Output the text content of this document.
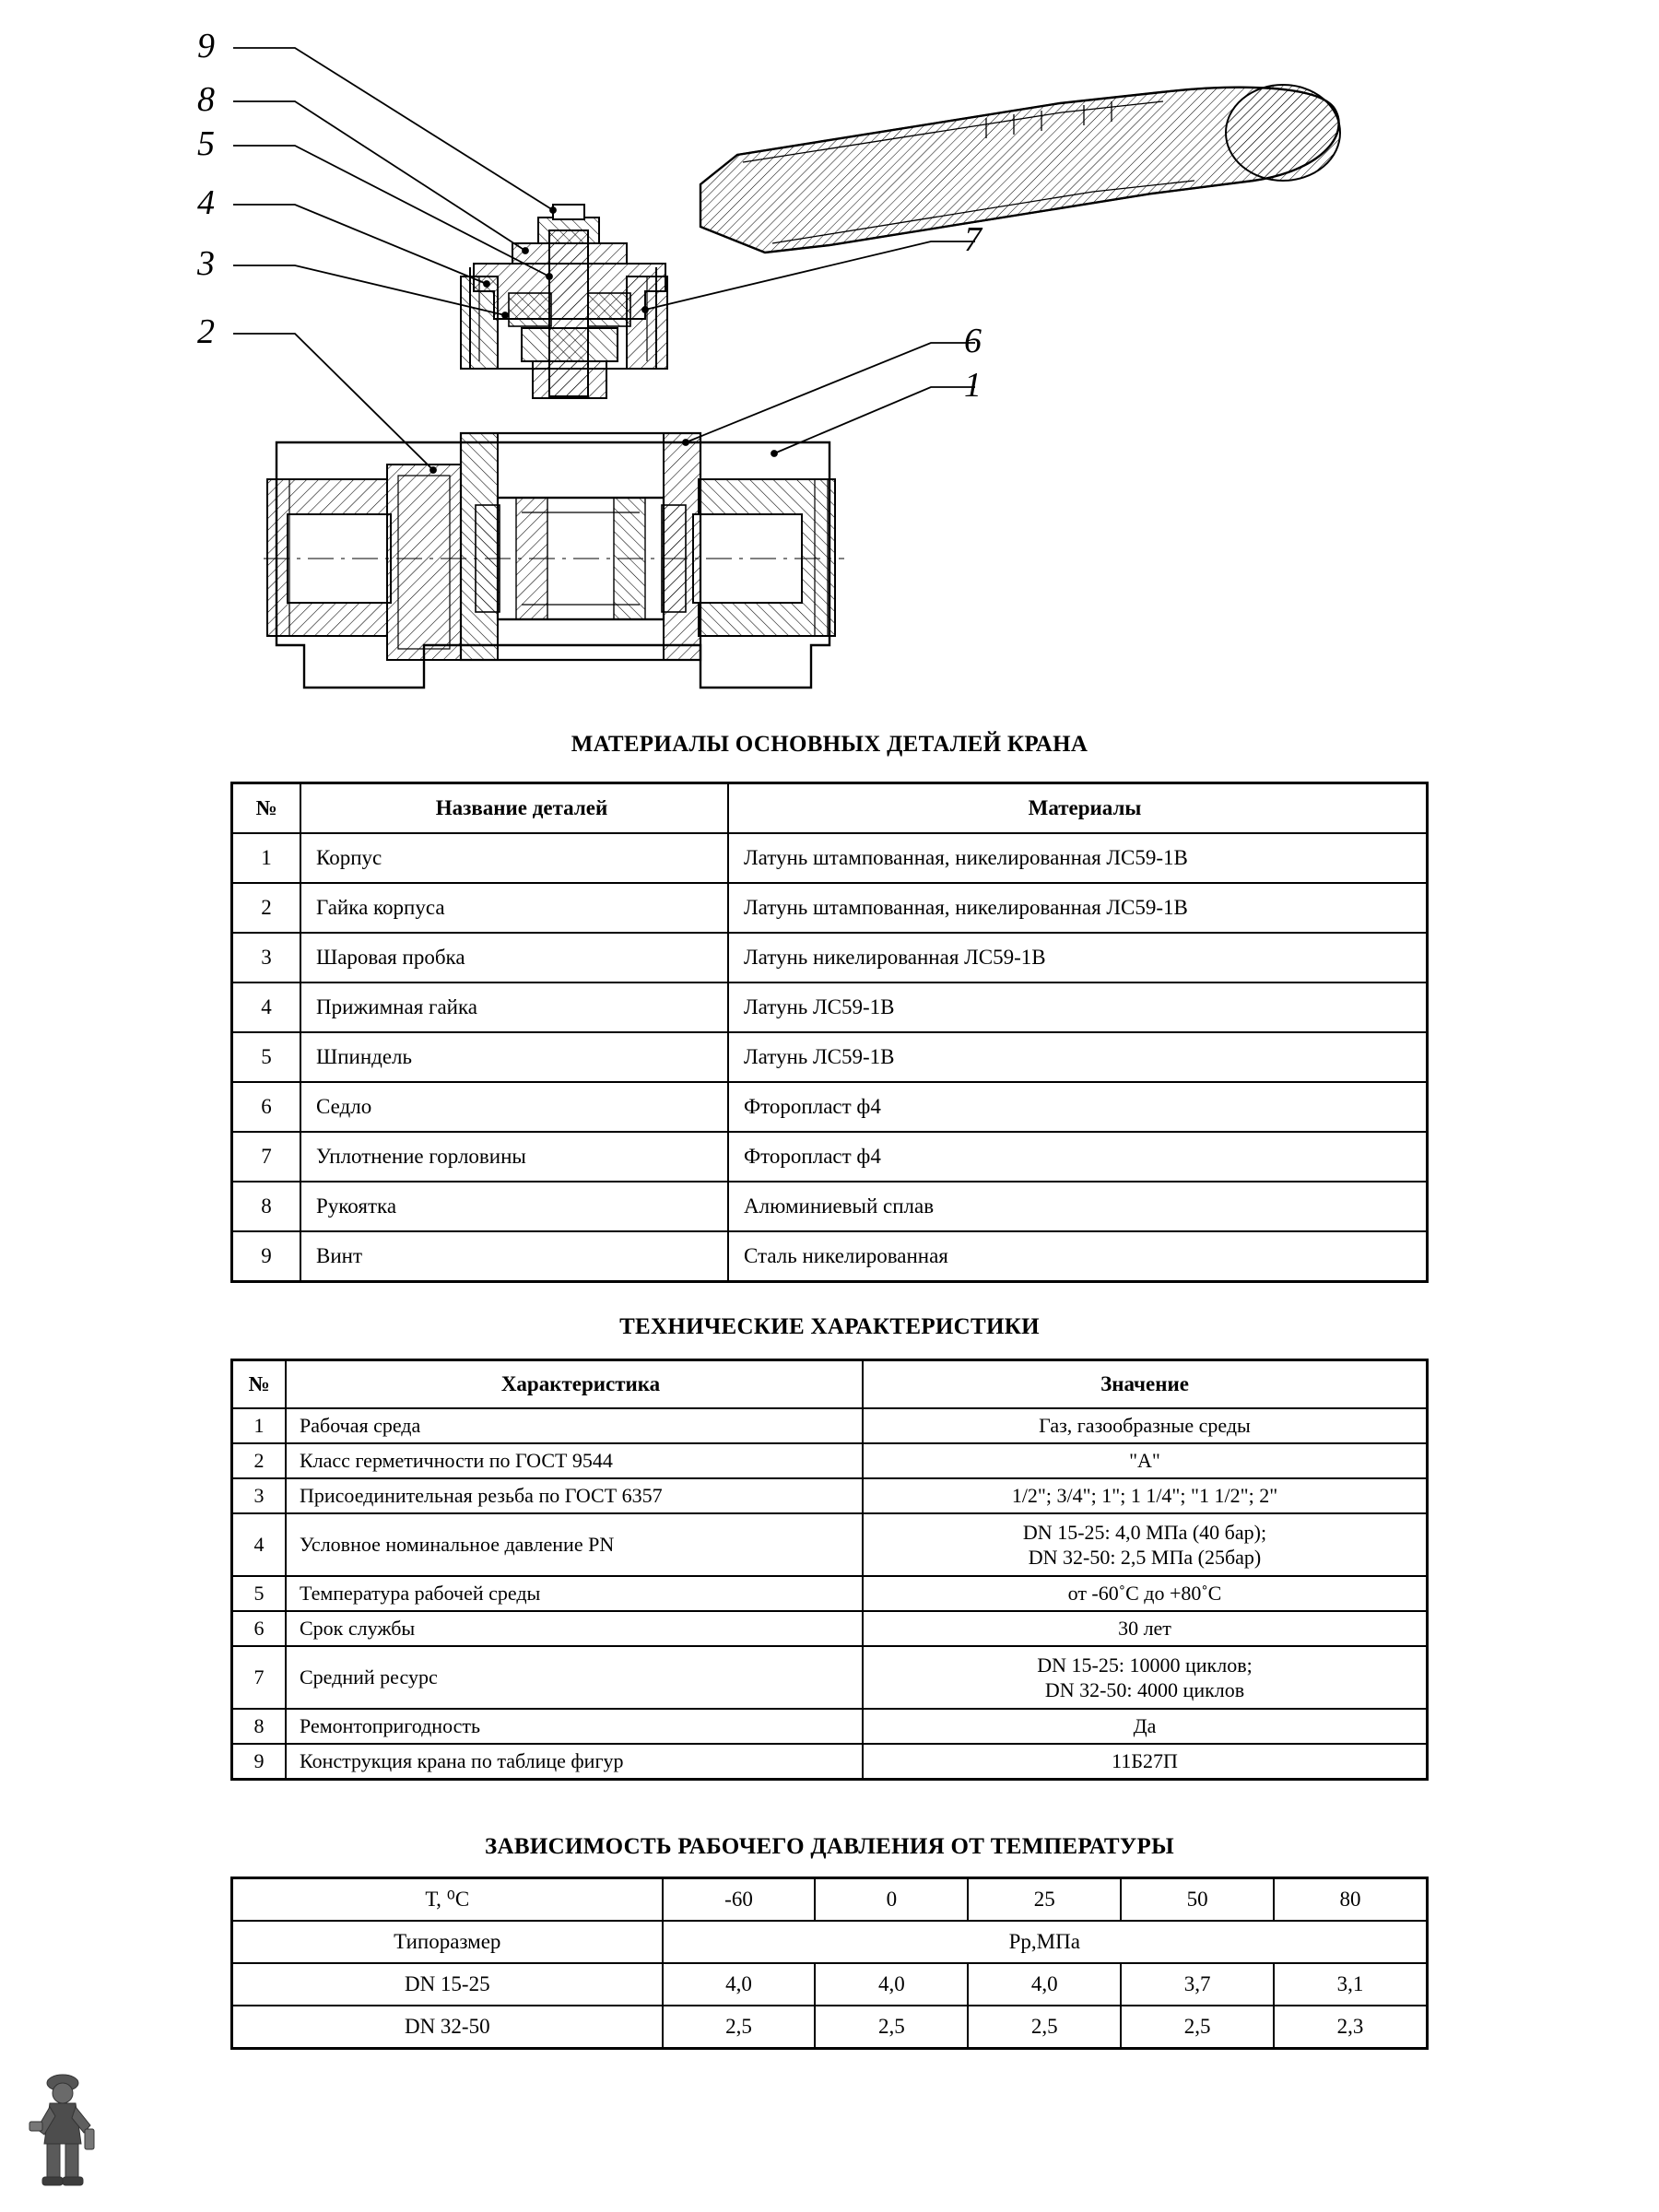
9
8
5
4
3
2
7
6
1
МАТЕРИАЛЫ ОСНОВНЫХ ДЕТАЛЕЙ КРАНА
№	Название деталей	Материалы
1	Корпус	Латунь штампованная, никелированная ЛС59-1В
2	Гайка корпуса	Латунь штампованная, никелированная ЛС59-1В
3	Шаровая пробка	Латунь никелированная ЛС59-1В
4	Прижимная гайка	Латунь ЛС59-1В
5	Шпиндель	Латунь ЛС59-1В
6	Седло	Фторопласт ф4
7	Уплотнение горловины	Фторопласт ф4
8	Рукоятка	Алюминиевый сплав
9	Винт	Сталь никелированная
ТЕХНИЧЕСКИЕ ХАРАКТЕРИСТИКИ
№	Характеристика	Значение
1	Рабочая среда	Газ, газообразные среды
2	Класс герметичности по ГОСТ 9544	"А"
3	Присоединительная резьба по ГОСТ 6357	1/2"; 3/4"; 1"; 1 1/4"; "1 1/2"; 2"
4	Условное номинальное давление PN	DN 15-25: 4,0 МПа (40 бар);
DN 32-50: 2,5 МПа (25бар)
5	Температура рабочей среды	от -60˚С до +80˚С
6	Срок службы	30 лет
7	Средний ресурс	DN 15-25: 10000 циклов;
DN 32-50: 4000 циклов
8	Ремонтопригодность	Да
9	Конструкция крана по таблице фигур	11Б27П
ЗАВИСИМОСТЬ РАБОЧЕГО ДАВЛЕНИЯ ОТ ТЕМПЕРАТУРЫ
Т, ⁰С	-60	0	25	50	80
Типоразмер	Рр,МПа				
DN 15-25	4,0	4,0	4,0	3,7	3,1
DN 32-50	2,5	2,5	2,5	2,5	2,3
